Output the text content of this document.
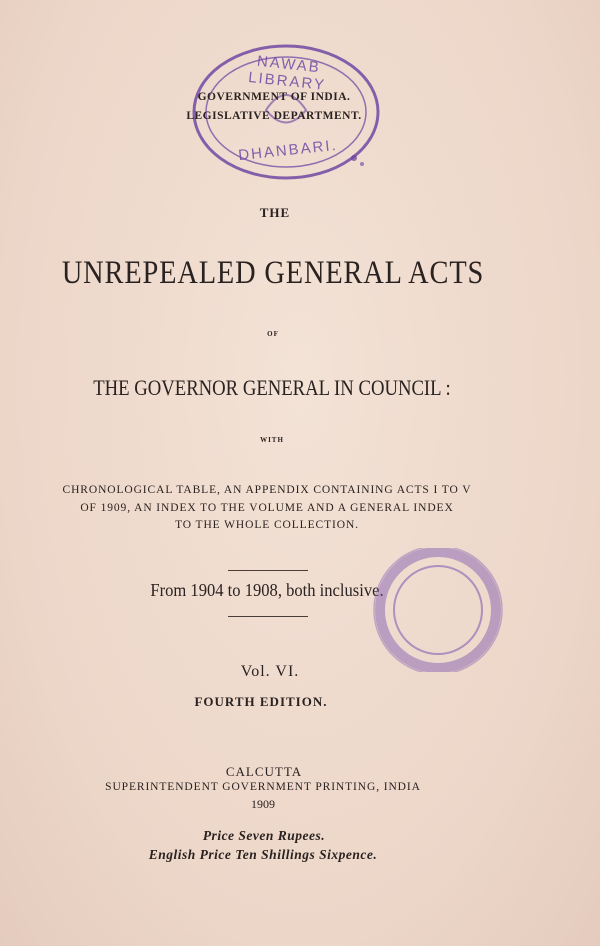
NAWAB LIBRARY
DHANBARI.
GOVERNMENT OF INDIA.
LEGISLATIVE DEPARTMENT.
THE
UNREPEALED GENERAL ACTS
OF
THE GOVERNOR GENERAL IN COUNCIL :
WITH
CHRONOLOGICAL TABLE, AN APPENDIX CONTAINING ACTS I TO V
OF 1909, AN INDEX TO THE VOLUME AND A GENERAL INDEX
TO THE WHOLE COLLECTION.
From 1904 to 1908, both inclusive.
Vol. VI.
FOURTH EDITION.
CALCUTTA
SUPERINTENDENT GOVERNMENT PRINTING, INDIA
1909
Price Seven Rupees.
English Price Ten Shillings Sixpence.
